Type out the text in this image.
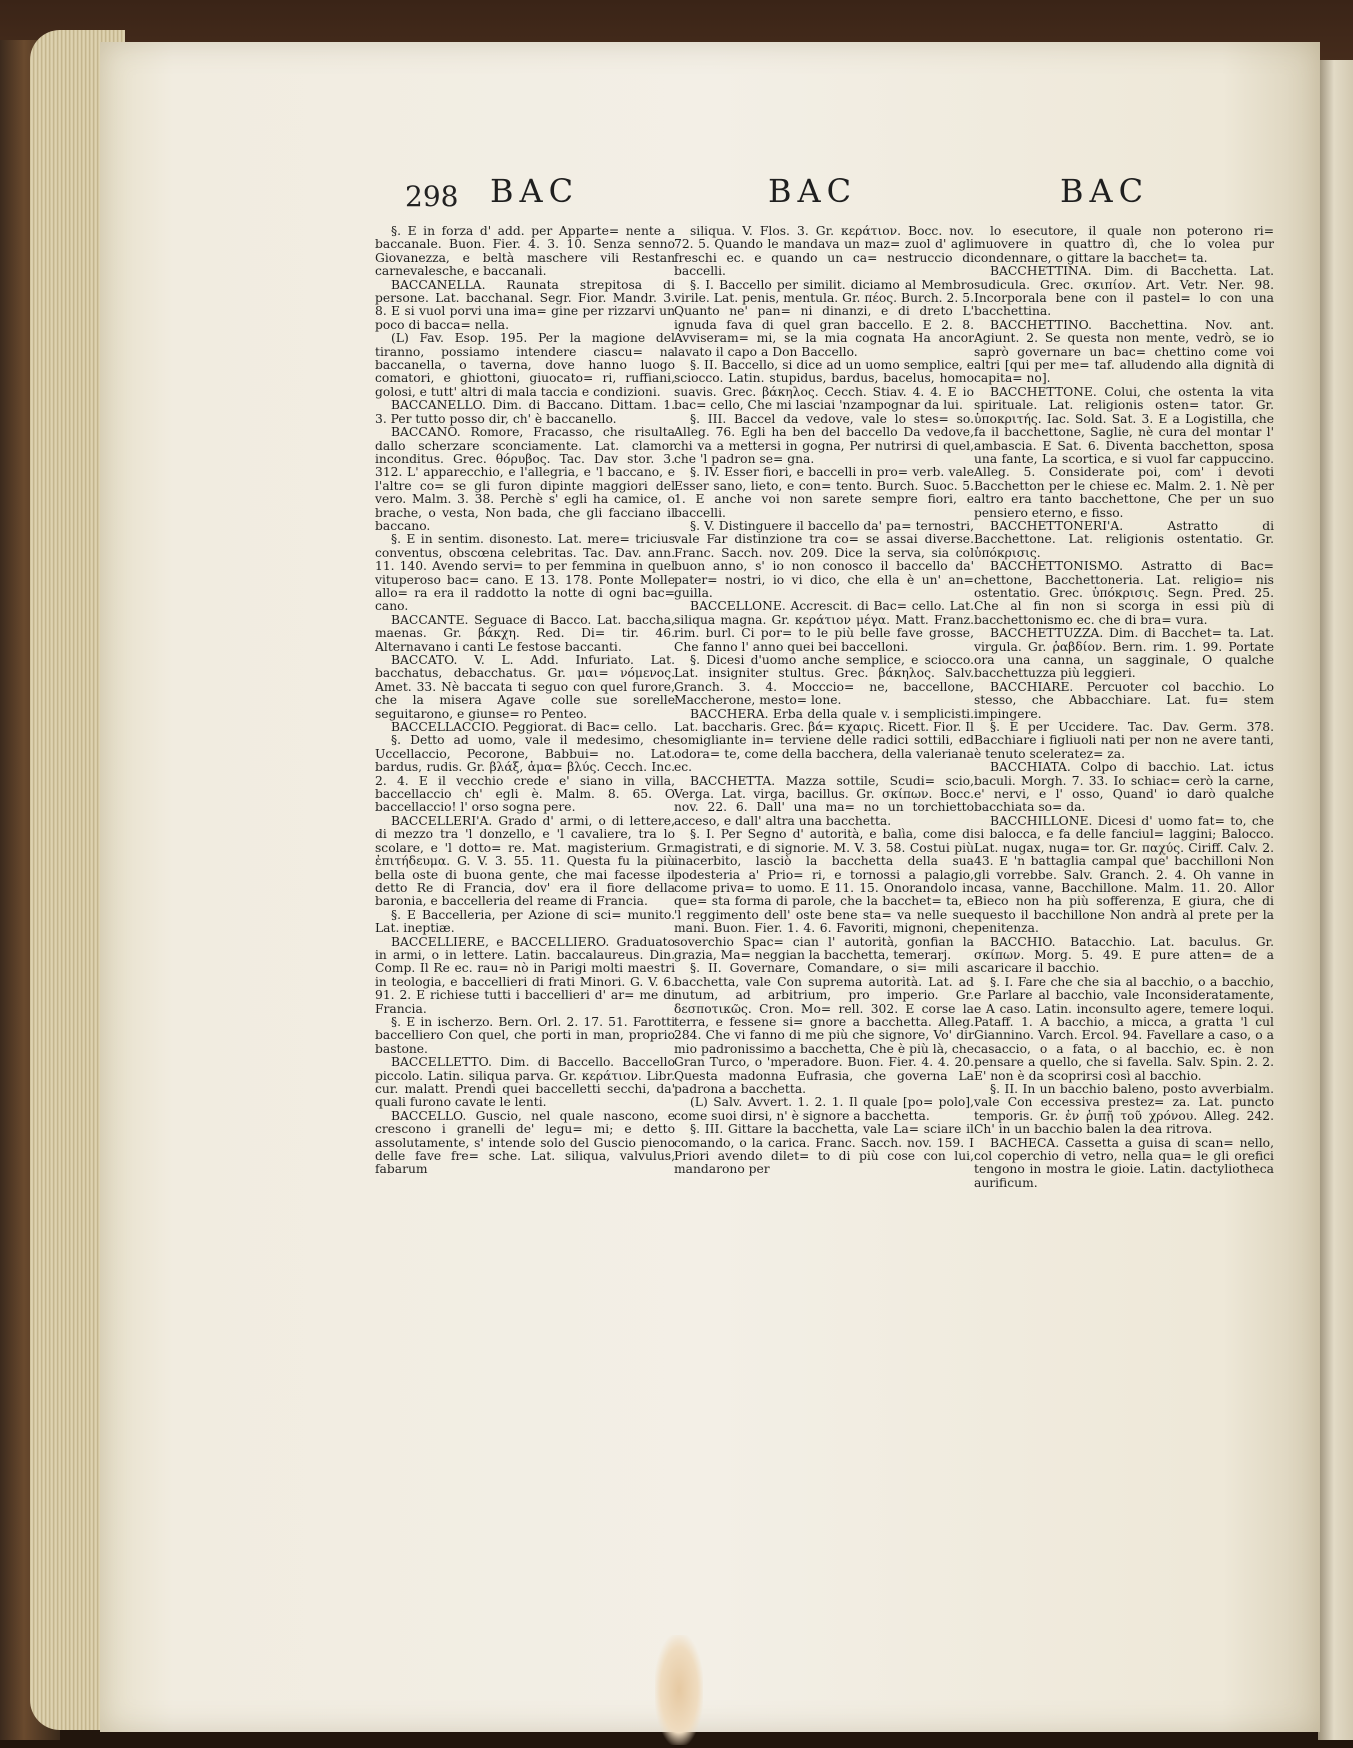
298 BAC	BAC	BAC

§. E in forza d' add. per Apparte= nente a baccanale. Buon. Fier. 4. 3. 10. Senza senno Giovanezza, e beltà maschere vili Restan carnevalesche, e baccanali.

BACCANELLA. Raunata strepitosa di persone. Lat. bacchanal. Segr. Fior. Mandr. 3. 8. E si vuol porvi una ima= gine per rizzarvi un poco di bacca= nella.

(L) Fav. Esop. 195. Per la magione del tiranno, possiamo intendere ciascu= na baccanella, o taverna, dove hanno luogo comatori, e ghiottoni, giuocato= ri, ruffiani, golosi, e tutt' altri di mala taccia e condizioni.

BACCANELLO. Dim. di Baccano. Dittam. 1. 3. Per tutto posso dir, ch' è baccanello.

BACCANO. Romore, Fracasso, che risulta dallo scherzare sconciamente. Lat. clamor inconditus. Grec. θόρυβος. Tac. Dav stor. 3. 312. L' apparecchio, e l'allegria, e 'l baccano, e l'altre co= se gli furon dipinte maggiori del vero. Malm. 3. 38. Perchè s' egli ha camice, o brache, o vesta, Non bada, che gli facciano il baccano.

§. E in sentim. disonesto. Lat. mere= tricius conventus, obscœna celebritas. Tac. Dav. ann. 11. 140. Avendo servi= to per femmina in quel vituperoso bac= cano. E 13. 178. Ponte Molle allo= ra era il raddotto la notte di ogni bac= cano.

BACCANTE. Seguace di Bacco. Lat. baccha, maenas. Gr. βάκχη. Red. Di= tir. 46. Alternavano i canti Le festose baccanti.

BACCATO. V. L. Add. Infuriato. Lat. bacchatus, debacchatus. Gr. μαι= νόμενος. Amet. 33. Nè baccata ti seguo con quel furore, che la misera Agave colle sue sorelle seguitarono, e giunse= ro Penteo.

BACCELLACCIO. Peggiorat. di Bac= cello.

§. Detto ad uomo, vale il medesimo, che Uccellaccio, Pecorone, Babbui= no. Lat. bardus, rudis. Gr. βλάξ, ἀμα= βλύς. Cecch. Inc. 2. 4. E il vecchio crede e' siano in villa, baccellaccio ch' egli è. Malm. 8. 65. O baccellaccio! l' orso sogna pere.

BACCELLERI'A. Grado d' armi, o di lettere, di mezzo tra 'l donzello, e 'l cavaliere, tra lo scolare, e 'l dotto= re. Mat. magisterium. Gr. ἐπιτήδευμα. G. V. 3. 55. 11. Questa fu la più bella oste di buona gente, che mai facesse il detto Re di Francia, dov' era il fiore della baronia, e baccelleria del reame di Francia.

§. E Baccelleria, per Azione di sci= munito. Lat. ineptiæ.

BACCELLIERE, e BACCELLIERO. Graduato in armi, o in lettere. Latin. baccalaureus. Din. Comp. Il Re ec. rau= nò in Parigi molti maestri in teologia, e baccellieri di frati Minori. G. V. 6. 91. 2. E richiese tutti i baccellieri d' ar= me di Francia.

§. E in ischerzo. Bern. Orl. 2. 17. 51. Farotti baccelliero Con quel, che porti in man, proprio bastone.

BACCELLETTO. Dim. di Baccello. Baccello piccolo. Latin. siliqua parva. Gr. κεράτιον. Libr. cur. malatt. Prendi quei baccelletti secchi, da' quali furono cavate le lenti.

BACCELLO. Guscio, nel quale nascono, e crescono i granelli de' legu= mi; e detto assolutamente, s' intende solo del Guscio pieno delle fave fre= sche. Lat. siliqua, valvulus, fabarum

siliqua. V. Flos. 3. Gr. κεράτιον. Bocc. nov. 72. 5. Quando le mandava un maz= zuol d' agli freschi ec. e quando un ca= nestruccio di baccelli.

§. I. Baccello per similit. diciamo al Membro virile. Lat. penis, mentula. Gr. πέος. Burch. 2. 5. Quanto ne' pan= ni dinanzi, e di dreto L' ignuda fava di quel gran baccello. E 2. 8. Avviseram= mi, se la mia cognata Ha ancor lavato il capo a Don Baccello.

§. II. Baccello, si dice ad un uomo semplice, e sciocco. Latin. stupidus, bardus, bacelus, homo suavis. Grec. βάκηλος. Cecch. Stiav. 4. 4. E io bac= cello, Che mi lasciai 'nzampognar da lui.

§. III. Baccel da vedove, vale lo stes= so. Alleg. 76. Egli ha ben del baccello Da vedove, chi va a mettersi in gogna, Per nutrirsi di quel, che 'l padron se= gna.

§. IV. Esser fiori, e baccelli in pro= verb. vale Esser sano, lieto, e con= tento. Burch. Suoc. 5. 1. E anche voi non sarete sempre fiori, e baccelli.

§. V. Distinguere il baccello da' pa= ternostri, vale Far distinzione tra co= se assai diverse. Franc. Sacch. nov. 209. Dice la serva, sia col buon anno, s' io non conosco il baccello da' pater= nostri, io vi dico, che ella è un' an= guilla.

BACCELLONE. Accrescit. di Bac= cello. Lat. siliqua magna. Gr. κεράτιον μέγα. Matt. Franz. rim. burl. Ci por= to le più belle fave grosse, Che fanno l' anno quei bei baccelloni.

§. Dicesi d'uomo anche semplice, e sciocco. Lat. insigniter stultus. Grec. βάκηλος. Salv. Granch. 3. 4. Mocccio= ne, baccellone, Maccherone, mesto= lone.

BACCHERA. Erba della quale v. i semplicisti. Lat. baccharis. Grec. βά= κχαρις. Ricett. Fior. Il somigliante in= terviene delle radici sottili, ed odora= te, come della bacchera, della valeriana ec.

BACCHETTA. Mazza sottile, Scudi= scio, Verga. Lat. virga, bacillus. Gr. σκίπων. Bocc. nov. 22. 6. Dall' una ma= no un torchietto acceso, e dall' altra una bacchetta.

§. I. Per Segno d' autorità, e balìa, come di magistrati, e di signorie. M. V. 3. 58. Costui più inacerbito, lasciò la bacchetta della sua podesteria a' Prio= ri, e tornossi a palagio, come priva= to uomo. E 11. 15. Onorandolo in que= sta forma di parole, che la bacchet= ta, e 'l reggimento dell' oste bene sta= va nelle sue mani. Buon. Fier. 1. 4. 6. Favoriti, mignoni, che soverchio Spac= cian l' autorità, gonfian la grazia, Ma= neggian la bacchetta, temerarj.

§. II. Governare, Comandare, o si= mili a bacchetta, vale Con suprema autorità. Lat. ad nutum, ad arbitrium, pro imperio. Gr. δεσποτικῶς. Cron. Mo= rell. 302. E corse la terra, e fessene si= gnore a bacchetta. Alleg. 284. Che vi fanno di me più che signore, Vo' dir mio padronissimo a bacchetta, Che è più là, che Gran Turco, o 'mperadore. Buon. Fier. 4. 4. 20. Questa madonna Eufrasia, che governa La padrona a bacchetta.

(L) Salv. Avvert. 1. 2. 1. Il quale [po= polo], come suoi dirsi, n' è signore a bacchetta.

§. III. Gittare la bacchetta, vale La= sciare il comando, o la carica. Franc. Sacch. nov. 159. I Priori avendo dilet= to di più cose con lui, mandarono per

lo esecutore, il quale non poterono ri= muovere in quattro dì, che lo volea pur condennare, o gittare la bacchet= ta.

BACCHETTINA. Dim. di Bacchetta. Lat. sudicula. Grec. σκιπίον. Art. Vetr. Ner. 98. Incorporala bene con il pastel= lo con una bacchettina.

BACCHETTINO. Bacchettina. Nov. ant. Agiunt. 2. Se questa non mente, vedrò, se io saprò governare un bac= chettino come voi altri [qui per me= taf. alludendo alla dignità di capita= no].

BACCHETTONE. Colui, che ostenta la vita spirituale. Lat. religionis osten= tator. Gr. ὑποκριτής. Iac. Sold. Sat. 3. E a Logistilla, che fa il bacchettone, Saglie, nè cura del montar l' ambascia. E Sat. 6. Diventa bacchetton, sposa una fante, La scortica, e si vuol far cappuccino. Alleg. 5. Considerate poi, com' i devoti Bacchetton per le chiese ec. Malm. 2. 1. Nè per altro era tanto bacchettone, Che per un suo pensiero eterno, e fisso.

BACCHETTONERI'A. Astratto di Bacchettone. Lat. religionis ostentatio. Gr. ὑπόκρισις.

BACCHETTONISMO. Astratto di Bac= chettone, Bacchettoneria. Lat. religio= nis ostentatio. Grec. ὑπόκρισις. Segn. Pred. 25. Che al fin non si scorga in essi più di bacchettonismo ec. che di bra= vura.

BACCHETTUZZA. Dim. di Bacchet= ta. Lat. virgula. Gr. ῥαβδίον. Bern. rim. 1. 99. Portate ora una canna, un sagginale, O qualche bacchettuzza più leggieri.

BACCHIARE. Percuoter col bacchio. Lo stesso, che Abbacchiare. Lat. fu= stem impingere.

§. E per Uccidere. Tac. Dav. Germ. 378. Bacchiare i figliuoli nati per non ne avere tanti, è tenuto sceleratez= za.

BACCHIATA. Colpo di bacchio. Lat. ictus baculi. Morgh. 7. 33. Io schiac= cerò la carne, e' nervi, e l' osso, Quand' io darò qualche bacchiata so= da.

BACCHILLONE. Dicesi d' uomo fat= to, che si balocca, e fa delle fanciul= laggini; Balocco. Lat. nugax, nuga= tor. Gr. παχύς. Ciriff. Calv. 2. 43. E 'n battaglia campal que' bacchilloni Non gli vorrebbe. Salv. Granch. 2. 4. Oh vanne in casa, vanne, Bacchillone. Malm. 11. 20. Allor Bieco non ha più sofferenza, E giura, che di questo il bacchillone Non andrà al prete per la penitenza.

BACCHIO. Batacchio. Lat. baculus. Gr. σκίπων. Morg. 5. 49. E pure atten= de a scaricare il bacchio.

§. I. Fare che che sia al bacchio, o a bacchio, e Parlare al bacchio, vale Inconsideratamente, e A caso. Latin. inconsulto agere, temere loqui. Pataff. 1. A bacchio, a micca, a gratta 'l cul Giannino. Varch. Ercol. 94. Favellare a caso, o a casaccio, o a fata, o al bacchio, ec. è non pensare a quello, che si favella. Salv. Spin. 2. 2. E' non è da scoprirsi così al bacchio.

§. II. In un bacchio baleno, posto avverbialm. vale Con eccessiva prestez= za. Lat. puncto temporis. Gr. ἐν ῥιπῇ τοῦ χρόνου. Alleg. 242. Ch' in un bacchio balen la dea ritrova.

BACHECA. Cassetta a guisa di scan= nello, col coperchio di vetro, nella qua= le gli orefici tengono in mostra le gioie. Latin. dactyliotheca aurificum.
